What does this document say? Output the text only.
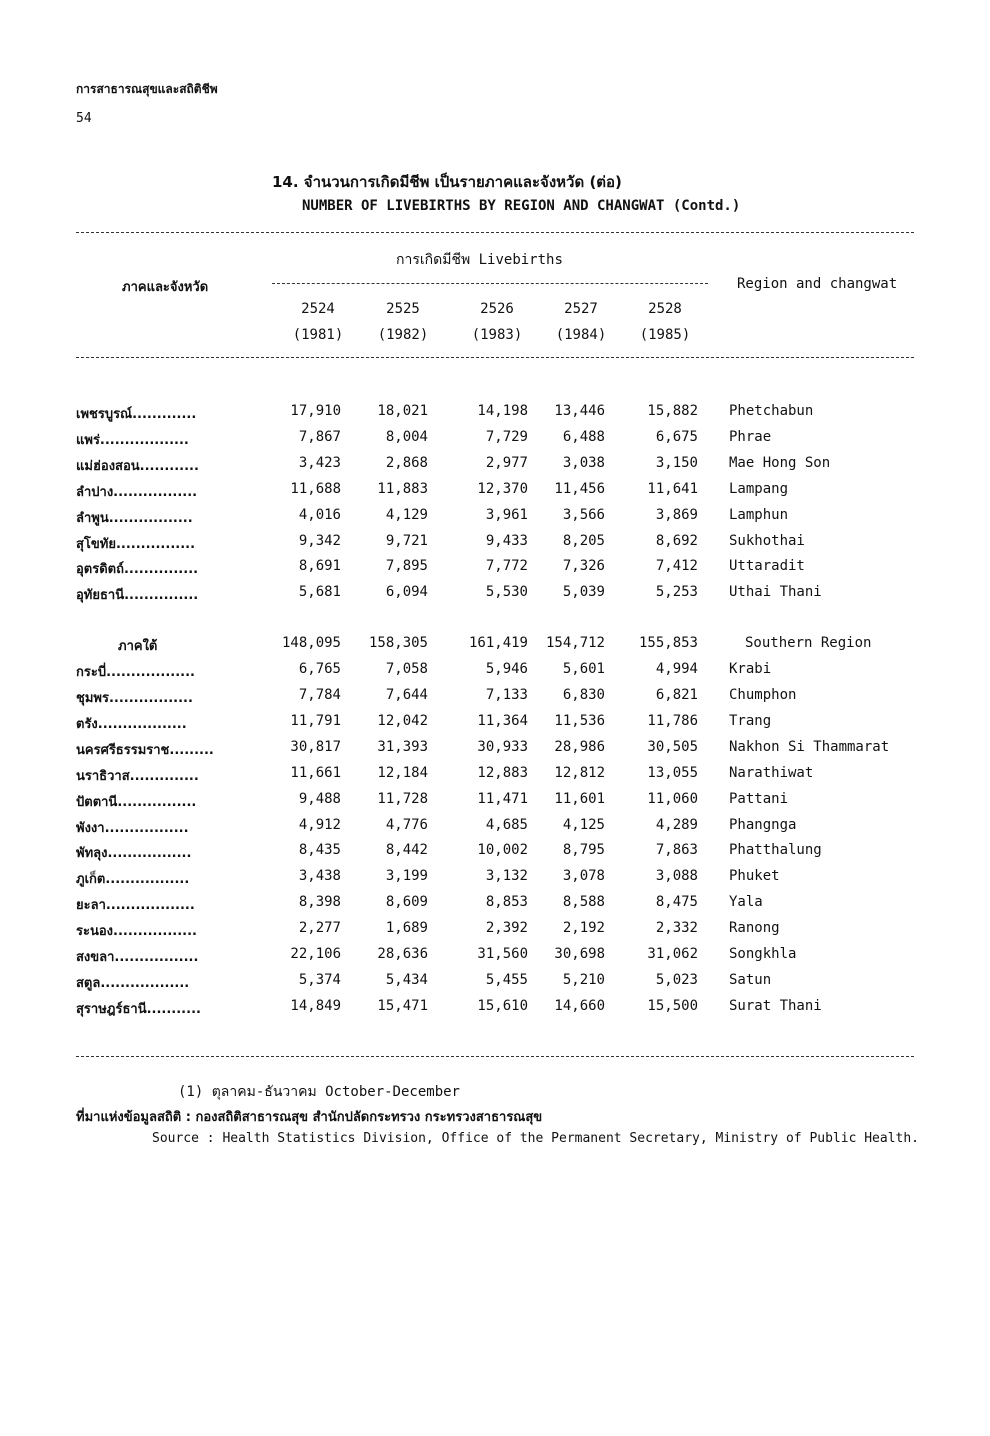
การสาธารณสุขและสถิติชีพ
54
14. จำนวนการเกิดมีชีพ เป็นรายภาคและจังหวัด (ต่อ)
NUMBER OF LIVEBIRTHS BY REGION AND CHANGWAT (Contd.)
ภาคและจังหวัด
การเกิดมีชีพ Livebirths
Region and changwat
2524
(1981)
2525
(1982)
2526
(1983)
2527
(1984)
2528
(1985)
เพชรบูรณ์.............	17,910	18,021	14,198	13,446	15,882 Phetchabun
แพร่..................	7,867	8,004	7,729	6,488	6,675 Phrae
แม่ฮ่องสอน............	3,423	2,868	2,977	3,038	3,150 Mae Hong Son
ลำปาง.................	11,688	11,883	12,370	11,456	11,641 Lampang
ลำพูน.................	4,016	4,129	3,961	3,566	3,869 Lamphun
สุโขทัย................	9,342	9,721	9,433	8,205	8,692 Sukhothai
อุตรดิตถ์...............	8,691	7,895	7,772	7,326	7,412 Uttaradit
อุทัยธานี...............	5,681	6,094	5,530	5,039	5,253 Uthai Thani
ภาคใต้	148,095	158,305	161,419	154,712	155,853	Southern Region
กระบี่..................	6,765	7,058	5,946	5,601	4,994 Krabi
ชุมพร.................	7,784	7,644	7,133	6,830	6,821 Chumphon
ตรัง..................	11,791	12,042	11,364	11,536	11,786 Trang
นครศรีธรรมราช.........	30,817	31,393	30,933	28,986	30,505 Nakhon Si Thammarat
นราธิวาส..............	11,661	12,184	12,883	12,812	13,055 Narathiwat
ปัตตานี................	9,488	11,728	11,471	11,601	11,060 Pattani
พังงา.................	4,912	4,776	4,685	4,125	4,289 Phangnga
พัทลุง.................	8,435	8,442	10,002	8,795	7,863 Phatthalung
ภูเก็ต.................	3,438	3,199	3,132	3,078	3,088 Phuket
ยะลา..................	8,398	8,609	8,853	8,588	8,475 Yala
ระนอง.................	2,277	1,689	2,392	2,192	2,332 Ranong
สงขลา.................	22,106	28,636	31,560	30,698	31,062 Songkhla
สตูล..................	5,374	5,434	5,455	5,210	5,023 Satun
สุราษฎร์ธานี...........	14,849	15,471	15,610	14,660	15,500 Surat Thani
(1) ตุลาคม-ธันวาคม October-December
ที่มาแห่งข้อมูลสถิติ : กองสถิติสาธารณสุข สำนักปลัดกระทรวง กระทรวงสาธารณสุข
Source : Health Statistics Division, Office of the Permanent Secretary, Ministry of Public Health.
